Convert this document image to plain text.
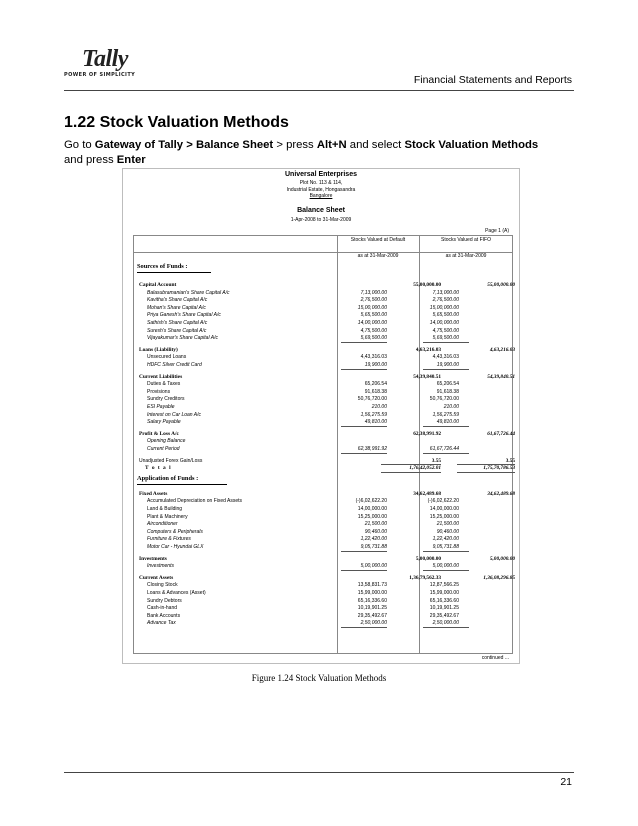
Tally
POWER OF SIMPLICITY	Financial Statements and Reports
1.22 Stock Valuation Methods
Go to Gateway of Tally > Balance Sheet > press Alt+N and select Stock Valuation Methods
and press Enter
Universal Enterprises
Plot No. 113 & 114,
Industrial Estate, Hongasandra
Bangalore
Balance Sheet
1-Apr-2008 to 31-Mar-2009
Page 1 (A)
Stocks Valued at Default	Stocks Valued at FIFO
as at 31-Mar-2009	as at 31-Mar-2009
Sources of Funds :
Capital Account	55,00,000.00	55,00,000.00
Balasubramanian's Share Capital A/c	7,13,000.00	7,13,000.00
Kavitha's Share Capital A/c	2,76,500.00	2,76,500.00
Mohan's Share Capital A/c	15,00,000.00	15,00,000.00
Priya Ganesh's Share Capital A/c	5,65,500.00	5,65,500.00
Sathish's Share Capital A/c	14,00,000.00	14,00,000.00
Suresh's Share Capital A/c	4,75,500.00	4,75,500.00
Vijayakumar's Share Capital A/c	5,69,500.00	5,69,500.00
Loans (Liability)	4,63,216.03	4,63,216.03
Unsecured Loans	4,43,316.03	4,43,316.03
HDFC Silver Credit Card	19,900.00	19,900.00
Current Liabilities	54,39,840.51	54,39,840.51
Duties & Taxes	65,206.54	65,206.54
Provisions	91,618.38	91,618.38
Sundry Creditors	50,76,720.00	50,76,720.00
ESI Payable	210.00	210.00
Interest on Car Loan A/c	1,56,275.59	1,56,275.59
Salary Payable	49,810.00	49,810.00
Profit & Loss A/c	62,38,991.92	61,67,726.44
Opening Balance
Current Period	62,38,991.92	61,67,726.44
Unadjusted Forex Gain/Loss	3.55	3.55
T o t a l	1,76,42,052.01	1,75,70,786.53
Application of Funds :
Fixed Assets	34,62,489.68	34,62,489.68
Accumulated Depreciation on Fixed Assets	(-)6,02,622.20	(-)6,02,622.20
Land & Building	14,00,000.00	14,00,000.00
Plant & Machinery	15,25,000.00	15,25,000.00
Airconditioner	21,500.00	21,500.00
Computers & Peripherals	90,460.00	90,460.00
Furniture & Fixtures	1,22,420.00	1,22,420.00
Motor Car - Hyundai GLX	9,05,731.88	9,05,731.88
Investments	5,00,000.00	5,00,000.00
Investments	5,00,000.00	5,00,000.00
Current Assets	1,36,79,562.33	1,36,08,296.85
Closing Stock	13,58,831.73	12,87,566.25
Loans & Advances (Asset)	15,99,000.00	15,99,000.00
Sundry Debtors	65,16,336.60	65,16,336.60
Cash-in-hand	10,19,901.25	10,19,901.25
Bank Accounts	29,35,492.67	29,35,492.67
Advance Tax	2,50,000.00	2,50,000.00
continued ...
Figure 1.24 Stock Valuation Methods
21
